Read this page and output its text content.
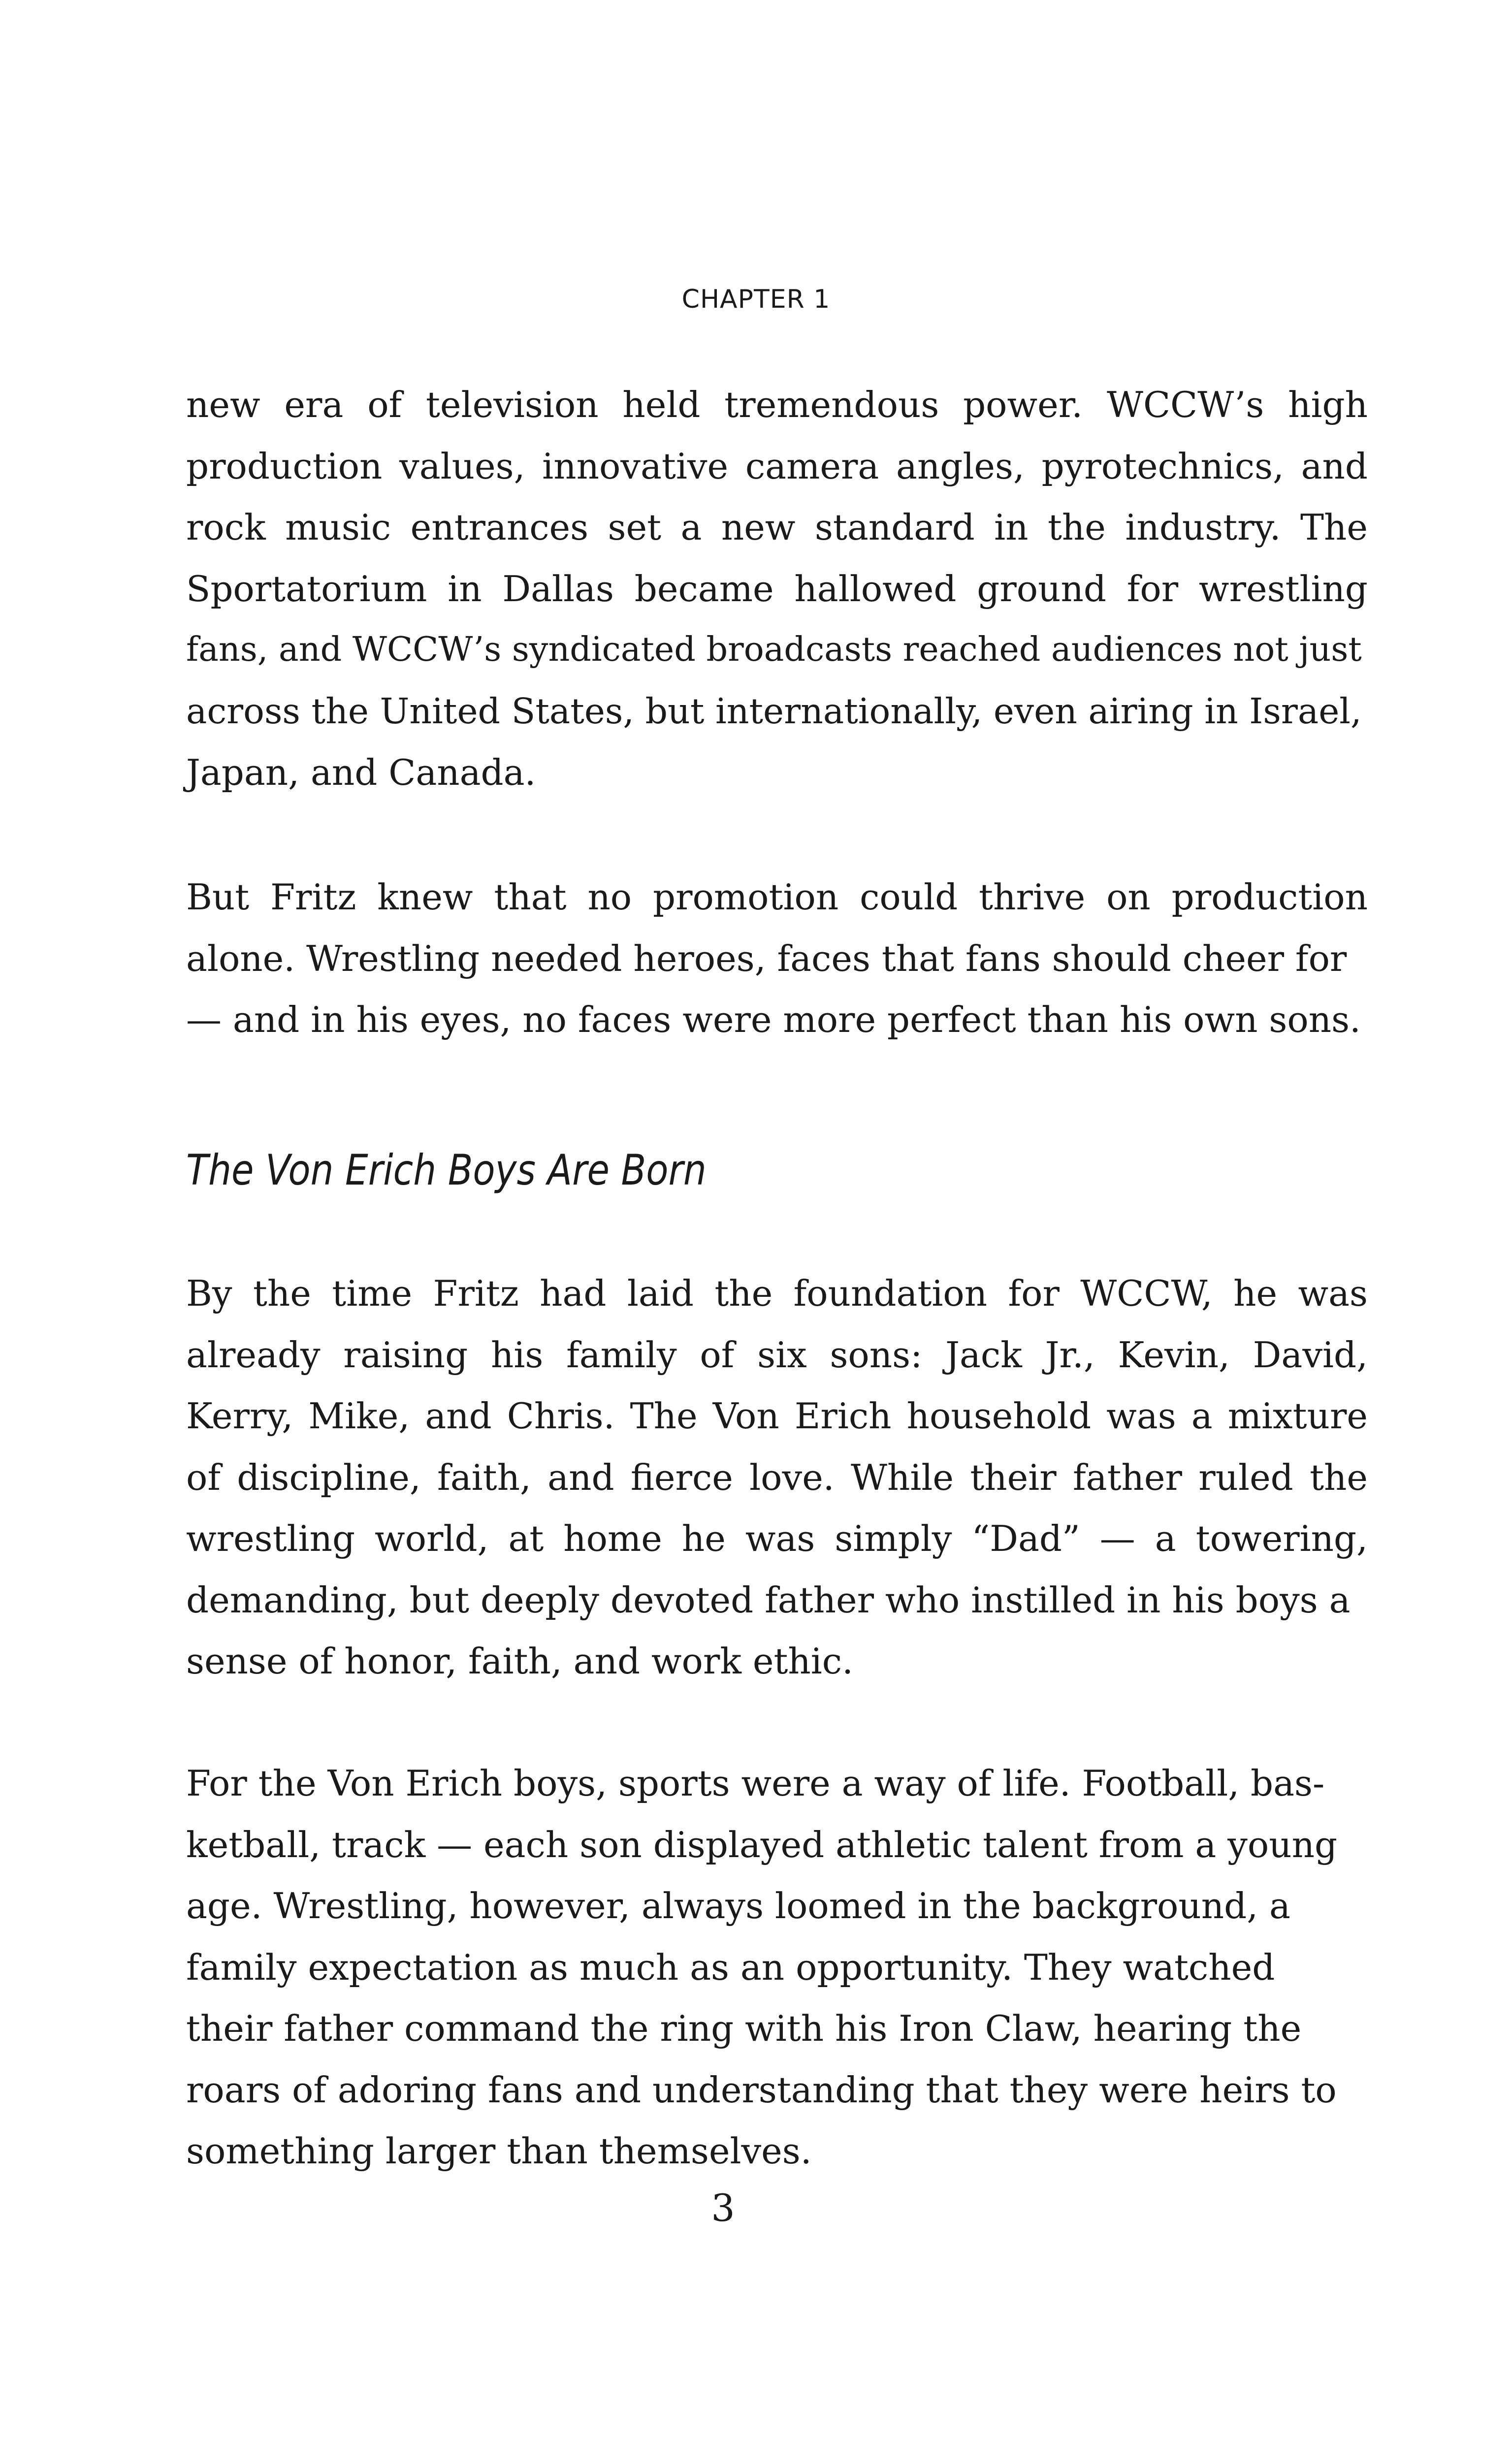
CHAPTER 1
new era of television held tremendous power. WCCW’s high
production values, innovative camera angles, pyrotechnics, and
rock music entrances set a new standard in the industry. The
Sportatorium in Dallas became hallowed ground for wrestling
fans, and WCCW’s syndicated broadcasts reached audiences not just
across the United States, but internationally, even airing in Israel,
Japan, and Canada.
But Fritz knew that no promotion could thrive on production
alone. Wrestling needed heroes, faces that fans should cheer for
— and in his eyes, no faces were more perfect than his own sons.
The Von Erich Boys Are Born
By the time Fritz had laid the foundation for WCCW, he was
already raising his family of six sons: Jack Jr., Kevin, David,
Kerry, Mike, and Chris. The Von Erich household was a mixture
of discipline, faith, and fierce love. While their father ruled the
wrestling world, at home he was simply “Dad” — a towering,
demanding, but deeply devoted father who instilled in his boys a
sense of honor, faith, and work ethic.
For the Von Erich boys, sports were a way of life. Football, bas-
ketball, track — each son displayed athletic talent from a young
age. Wrestling, however, always loomed in the background, a
family expectation as much as an opportunity. They watched
their father command the ring with his Iron Claw, hearing the
roars of adoring fans and understanding that they were heirs to
something larger than themselves.
3
